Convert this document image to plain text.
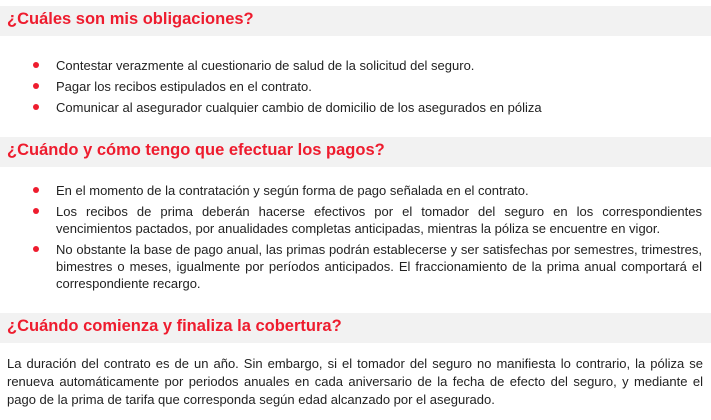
¿Cuáles son mis obligaciones?
Contestar verazmente al cuestionario de salud de la solicitud del seguro.
Pagar los recibos estipulados en el contrato.
Comunicar al asegurador cualquier cambio de domicilio de los asegurados en póliza
¿Cuándo y cómo tengo que efectuar los pagos?
En el momento de la contratación y según forma de pago señalada en el contrato.
Los recibos de prima deberán hacerse efectivos por el tomador del seguro en los correspondientes vencimientos pactados, por anualidades completas anticipadas, mientras la póliza se encuentre en vigor.
No obstante la base de pago anual, las primas podrán establecerse y ser satisfechas por semestres, trimestres, bimestres o meses, igualmente por períodos anticipados. El fraccionamiento de la prima anual comportará el correspondiente recargo.
¿Cuándo comienza y finaliza la cobertura?

La duración del contrato es de un año. Sin embargo, si el tomador del seguro no manifiesta lo contrario, la póliza se renueva automáticamente por periodos anuales en cada aniversario de la fecha de efecto del seguro, y mediante el pago de la prima de tarifa que corresponda según edad alcanzado por el asegurado.
